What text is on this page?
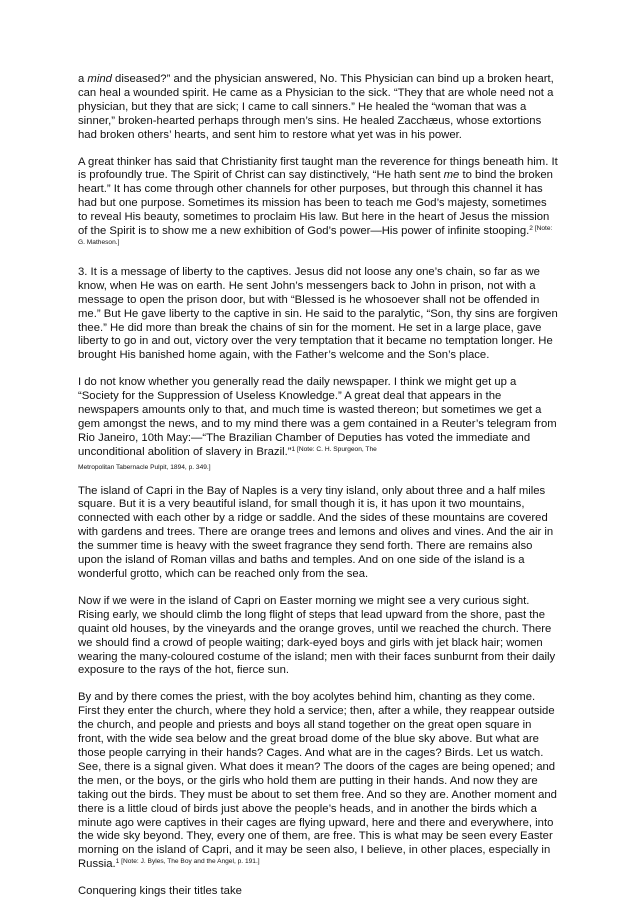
a mind diseased?” and the physician answered, No. This Physician can bind up a broken heart, can heal a wounded spirit. He came as a Physician to the sick. “They that are whole need not a physician, but they that are sick; I came to call sinners.” He healed the “woman that was a sinner,” broken-hearted perhaps through men’s sins. He healed Zacchæus, whose extortions had broken others’ hearts, and sent him to restore what yet was in his power.

A great thinker has said that Christianity first taught man the reverence for things beneath him. It is profoundly true. The Spirit of Christ can say distinctively, “He hath sent me to bind the broken heart.” It has come through other channels for other purposes, but through this channel it has had but one purpose. Sometimes its mission has been to teach me God’s majesty, sometimes to reveal His beauty, sometimes to proclaim His law. But here in the heart of Jesus the mission of the Spirit is to show me a new exhibition of God’s power—His power of infinite stooping.$^{2 [Note: G. Matheson.]}$

3. It is a message of liberty to the captives. Jesus did not loose any one’s chain, so far as we know, when He was on earth. He sent John’s messengers back to John in prison, not with a message to open the prison door, but with “Blessed is he whosoever shall not be offended in me.” But He gave liberty to the captive in sin. He said to the paralytic, “Son, thy sins are forgiven thee.” He did more than break the chains of sin for the moment. He set in a large place, gave liberty to go in and out, victory over the very temptation that it became no temptation longer. He brought His banished home again, with the Father’s welcome and the Son’s place.

I do not know whether you generally read the daily newspaper. I think we might get up a “Society for the Suppression of Useless Knowledge.” A great deal that appears in the newspapers amounts only to that, and much time is wasted thereon; but sometimes we get a gem amongst the news, and to my mind there was a gem contained in a Reuter’s telegram from Rio Janeiro, 10th May:—“The Brazilian Chamber of Deputies has voted the immediate and unconditional abolition of slavery in Brazil.”$^{1 [Note: C. H. Spurgeon, The}$
Metropolitan Tabernacle Pulpit, 1894, p. 349.]

The island of Capri in the Bay of Naples is a very tiny island, only about three and a half miles square. But it is a very beautiful island, for small though it is, it has upon it two mountains, connected with each other by a ridge or saddle. And the sides of these mountains are covered with gardens and trees. There are orange trees and lemons and olives and vines. And the air in the summer time is heavy with the sweet fragrance they send forth. There are remains also upon the island of Roman villas and baths and temples. And on one side of the island is a wonderful grotto, which can be reached only from the sea.

Now if we were in the island of Capri on Easter morning we might see a very curious sight. Rising early, we should climb the long flight of steps that lead upward from the shore, past the quaint old houses, by the vineyards and the orange groves, until we reached the church. There we should find a crowd of people waiting; dark-eyed boys and girls with jet black hair; women wearing the many-coloured costume of the island; men with their faces sunburnt from their daily exposure to the rays of the hot, fierce sun.

By and by there comes the priest, with the boy acolytes behind him, chanting as they come. First they enter the church, where they hold a service; then, after a while, they reappear outside the church, and people and priests and boys all stand together on the great open square in front, with the wide sea below and the great broad dome of the blue sky above. But what are those people carrying in their hands? Cages. And what are in the cages? Birds. Let us watch. See, there is a signal given. What does it mean? The doors of the cages are being opened; and the men, or the boys, or the girls who hold them are putting in their hands. And now they are taking out the birds. They must be about to set them free. And so they are. Another moment and there is a little cloud of birds just above the people’s heads, and in another the birds which a minute ago were captives in their cages are flying upward, here and there and everywhere, into the wide sky beyond. They, every one of them, are free. This is what may be seen every Easter morning on the island of Capri, and it may be seen also, I believe, in other places, especially in Russia.$^{1 [Note: J. Byles, The Boy and the Angel, p. 191.]}$

Conquering kings their titles take
